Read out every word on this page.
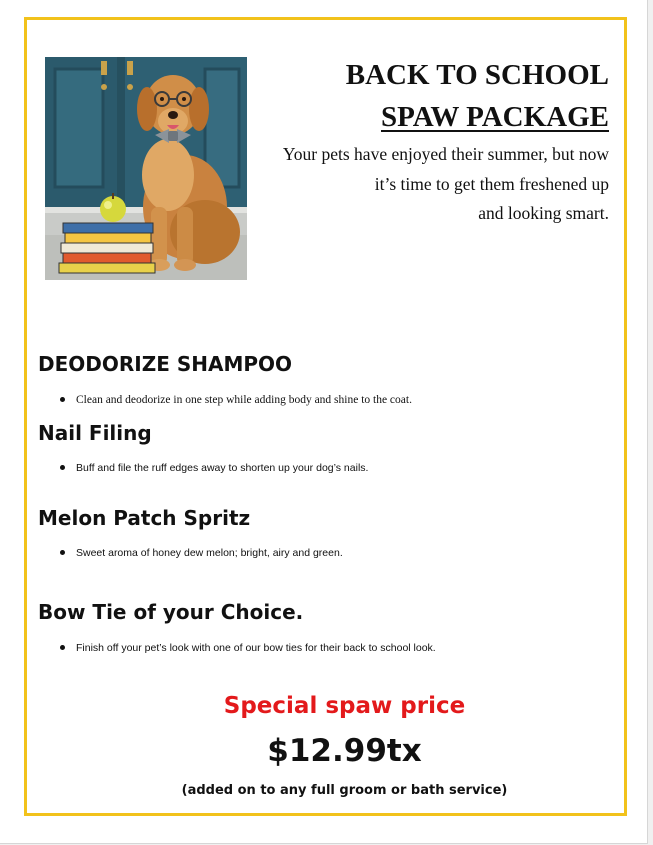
BACK TO SCHOOL
SPAW PACKAGE
Your pets have enjoyed their summer, but now
it’s time to get them freshened up
and looking smart.
DEODORIZE SHAMPOO
Clean and deodorize in one step while adding body and shine to the coat.
Nail Filing
Buff and file the ruff edges away to shorten up your dog’s nails.
Melon Patch Spritz
Sweet aroma of honey dew melon; bright, airy and green.
Bow Tie of your Choice.
Finish off your pet’s look with one of our bow ties for their back to school look.
Special spaw price
$12.99tx
(added on to any full groom or bath service)
